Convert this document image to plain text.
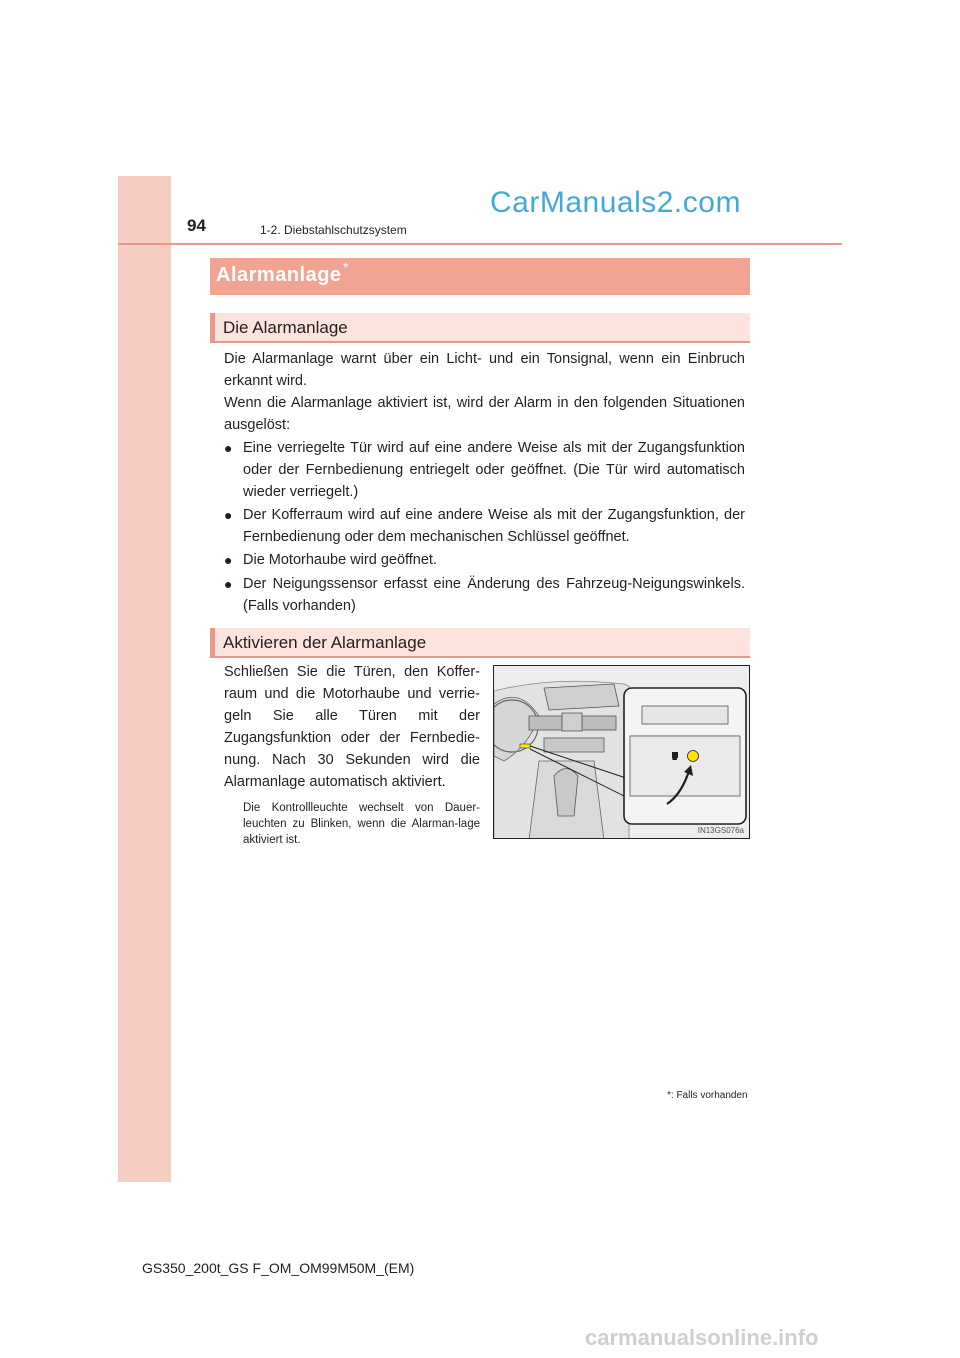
94	1-2. Diebstahlschutzsystem
CarManuals2.com
Alarmanlage *
Die Alarmanlage
Die Alarmanlage warnt über ein Licht- und ein Tonsignal, wenn ein Einbruch erkannt wird.
Wenn die Alarmanlage aktiviert ist, wird der Alarm in den folgenden Situationen ausgelöst:
● Eine verriegelte Tür wird auf eine andere Weise als mit der Zugangsfunktion oder der Fernbedienung entriegelt oder geöffnet. (Die Tür wird automatisch wieder verriegelt.)
● Der Kofferraum wird auf eine andere Weise als mit der Zugangsfunktion, der Fernbedienung oder dem mechanischen Schlüssel geöffnet.
● Die Motorhaube wird geöffnet.
● Der Neigungssensor erfasst eine Änderung des Fahrzeug-Neigungswinkels. (Falls vorhanden)
Aktivieren der Alarmanlage
Schließen Sie die Türen, den Koffer-raum und die Motorhaube und verrie-geln Sie alle Türen mit der Zugangsfunktion oder der Fernbedie-nung. Nach 30 Sekunden wird die Alarmanlage automatisch aktiviert.
Die Kontrollleuchte wechselt von Dauer-leuchten zu Blinken, wenn die Alarman-lage aktiviert ist.
IN13GS076a
*: Falls vorhanden
GS350_200t_GS F_OM_OM99M50M_(EM)
carmanualsonline.info
